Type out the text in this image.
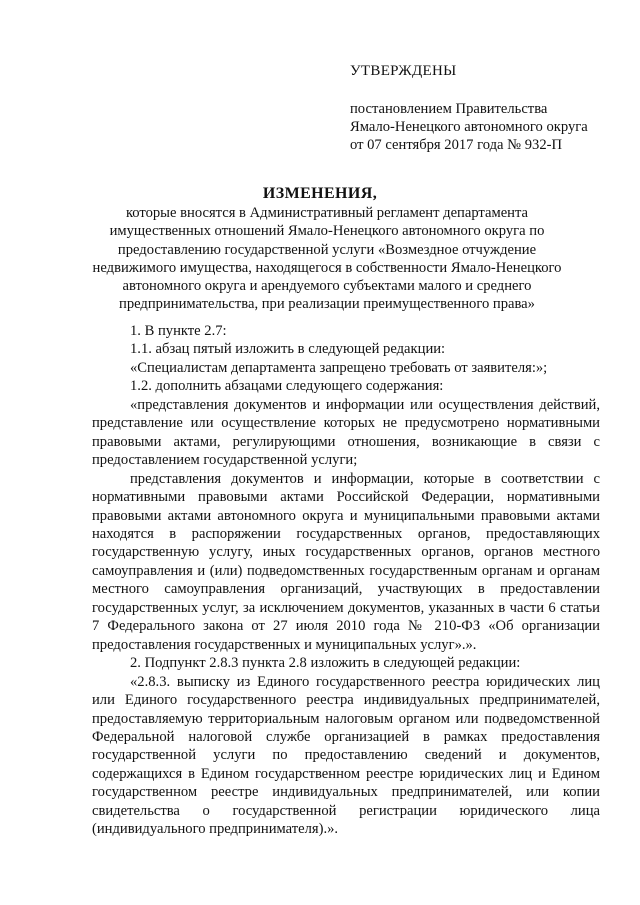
УТВЕРЖДЕНЫ
постановлением Правительства
Ямало-Ненецкого автономного округа
от 07 сентября 2017 года № 932-П
ИЗМЕНЕНИЯ,
которые вносятся в Административный регламент департамента имущественных отношений Ямало-Ненецкого автономного округа по предоставлению государственной услуги «Возмездное отчуждение недвижимого имущества, находящегося в собственности Ямало-Ненецкого автономного округа и арендуемого субъектами малого и среднего предпринимательства, при реализации преимущественного права»

1. В пункте 2.7:

1.1. абзац пятый изложить в следующей редакции:

«Специалистам департамента запрещено требовать от заявителя:»;

1.2. дополнить абзацами следующего содержания:

«представления документов и информации или осуществления действий, представление или осуществление которых не предусмотрено нормативными правовыми актами, регулирующими отношения, возникающие в связи с предоставлением государственной услуги;

представления документов и информации, которые в соответствии с нормативными правовыми актами Российской Федерации, нормативными правовыми актами автономного округа и муниципальными правовыми актами находятся в распоряжении государственных органов, предоставляющих государственную услугу, иных государственных органов, органов местного самоуправления и (или) подведомственных государственным органам и органам местного самоуправления организаций, участвующих в предоставлении государственных услуг, за исключением документов, указанных в части 6 статьи 7 Федерального закона от 27 июля 2010 года № 210-ФЗ «Об организации предоставления государственных и муниципальных услуг».».

2. Подпункт 2.8.3 пункта 2.8 изложить в следующей редакции:

«2.8.3. выписку из Единого государственного реестра юридических лиц или Единого государственного реестра индивидуальных предпринимателей, предоставляемую территориальным налоговым органом или подведомственной Федеральной налоговой службе организацией в рамках предоставления государственной услуги по предоставлению сведений и документов, содержащихся в Едином государственном реестре юридических лиц и Едином государственном реестре индивидуальных предпринимателей, или копии свидетельства о государственной регистрации юридического лица (индивидуального предпринимателя).».
